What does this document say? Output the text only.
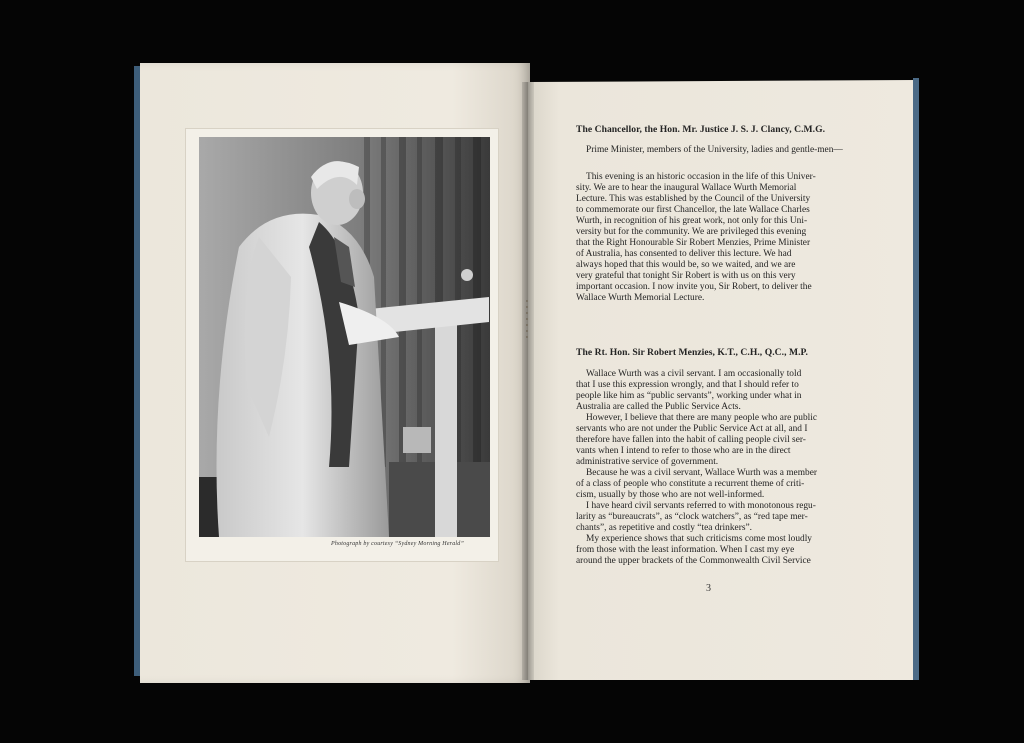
Photograph by courtesy “Sydney Morning Herald”

The Chancellor, the Hon. Mr. Justice J. S. J. Clancy, C.M.G.

Prime Minister, members of the University, ladies and gentle-men—

This evening is an historic occasion in the life of this Univer-
sity. We are to hear the inaugural Wallace Wurth Memorial
Lecture. This was established by the Council of the University
to commemorate our first Chancellor, the late Wallace Charles
Wurth, in recognition of his great work, not only for this Uni-
versity but for the community. We are privileged this evening
that the Right Honourable Sir Robert Menzies, Prime Minister
of Australia, has consented to deliver this lecture. We had
always hoped that this would be, so we waited, and we are
very grateful that tonight Sir Robert is with us on this very
important occasion. I now invite you, Sir Robert, to deliver the
Wallace Wurth Memorial Lecture.

The Rt. Hon. Sir Robert Menzies, K.T., C.H., Q.C., M.P.

Wallace Wurth was a civil servant. I am occasionally told
that I use this expression wrongly, and that I should refer to
people like him as “public servants”, working under what in
Australia are called the Public Service Acts.
However, I believe that there are many people who are public
servants who are not under the Public Service Act at all, and I
therefore have fallen into the habit of calling people civil ser-
vants when I intend to refer to those who are in the direct
administrative service of government.
Because he was a civil servant, Wallace Wurth was a member
of a class of people who constitute a recurrent theme of criti-
cism, usually by those who are not well-informed.
I have heard civil servants referred to with monotonous regu-
larity as “bureaucrats”, as “clock watchers”, as “red tape mer-
chants”, as repetitive and costly “tea drinkers”.
My experience shows that such criticisms come most loudly
from those with the least information. When I cast my eye
around the upper brackets of the Commonwealth Civil Service
3
